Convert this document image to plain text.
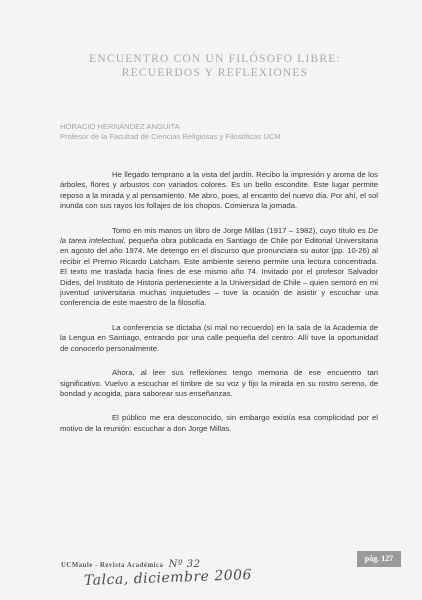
ENCUENTRO CON UN FILÓSOFO LIBRE:
RECUERDOS Y REFLEXIONES
HORACIO HERNÁNDEZ ANGUITA
Profesor de la Facultad de Ciencias Religiosas y Filosóficas UCM

He llegado temprano a la vista del jardín. Recibo la impresión y aroma de los árboles, flores y arbustos con variados colores. Es un bello escondite. Este lugar permite reposo a la mirada y al pensamiento. Me abro, pues, al encanto del nuevo día. Por ahí, el sol inunda con sus rayos los follajes de los chopos. Comienza la jornada.

Tomo en mis manos un libro de Jorge Millas (1917 – 1982), cuyo título es De la tarea intelectual, pequeña obra publicada en Santiago de Chile por Editorial Universitaria en agosto del año 1974. Me detengo en el discurso que pronunciara su autor (pp. 10-26) al recibir el Premio Ricardo Latcham. Este ambiente sereno permite una lectura concentrada. El texto me traslada hacia fines de ese mismo año 74. Invitado por el profesor Salvador Dides, del Instituto de Historia perteneciente a la Universidad de Chile – quien semoró en mi juventud universitaria muchas inquietudes – tuve la ocasión de asistir y escuchar una conferencia de este maestro de la filosofía.

La conferencia se dictaba (si mal no recuerdo) en la sala de la Academia de la Lengua en Santiago, entrando por una calle pequeña del centro. Allí tuve la oportunidad de conocerlo personalmente.

Ahora, al leer sus reflexiones tengo memoria de ese encuentro tan significativo. Vuelvo a escuchar el timbre de su voz y fijo la mirada en su rostro sereno, de bondad y acogida, para saborear sus enseñanzas.

El público me era desconocido, sin embargo existía esa complicidad por el motivo de la reunión: escuchar a don Jorge Millas.

UCMaule - Revista Académica Nº 32
Talca, diciembre 2006
pág. 127
